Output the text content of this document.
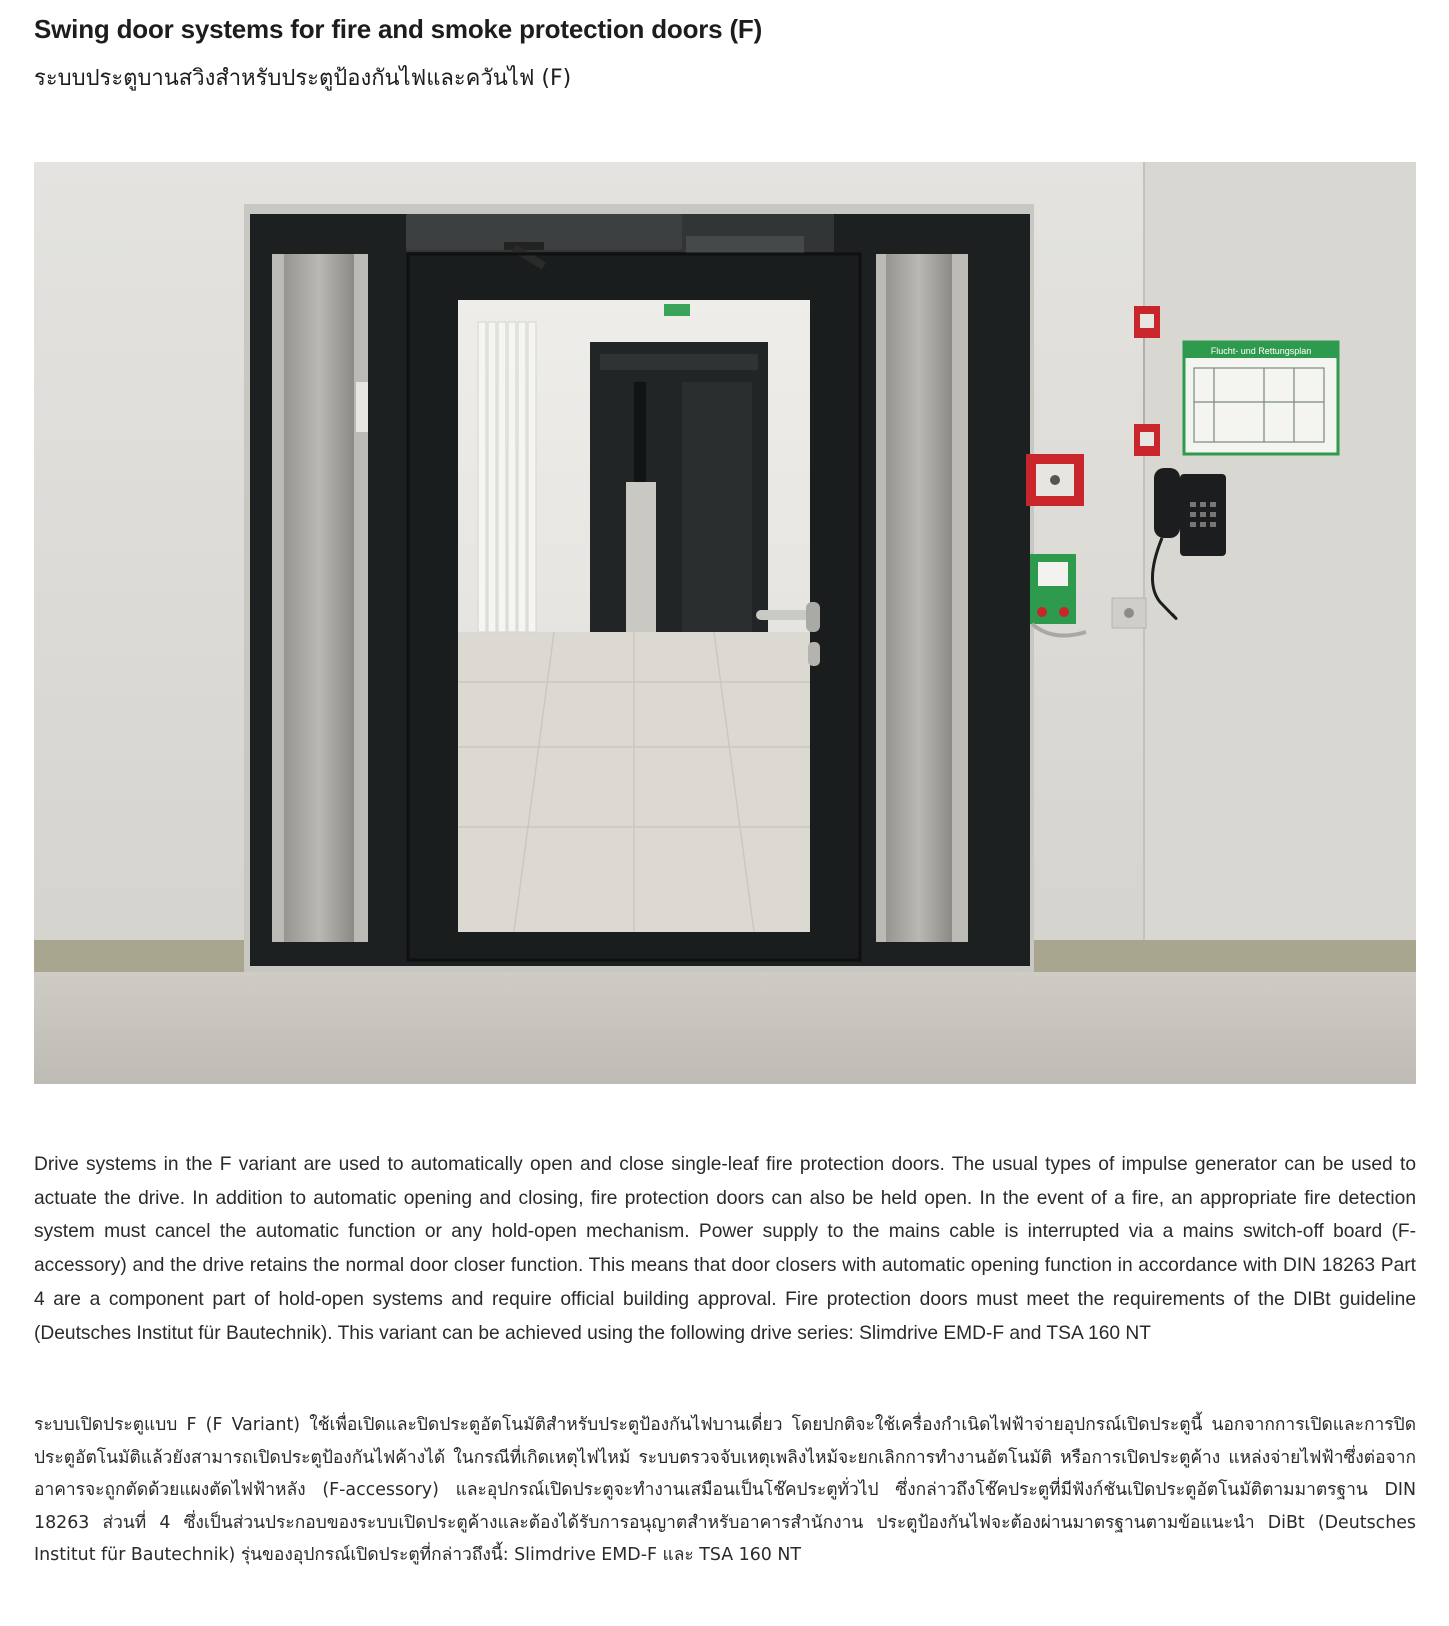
Swing door systems for fire and smoke protection doors (F)
ระบบประตูบานสวิงสำหรับประตูป้องกันไฟและควันไฟ (F)
Flucht- und Rettungsplan

Drive systems in the F variant are used to automatically open and close single-leaf fire protection doors. The usual types of impulse generator can be used to actuate the drive. In addition to automatic opening and closing, fire protection doors can also be held open. In the event of a fire, an appropriate fire detection system must cancel the automatic function or any hold-open mechanism. Power supply to the mains cable is interrupted via a mains switch-off board (F-accessory) and the drive retains the normal door closer function. This means that door closers with automatic opening function in accordance with DIN 18263 Part 4 are a component part of hold-open systems and require official building approval. Fire protection doors must meet the requirements of the DIBt guideline (Deutsches Institut für Bautechnik). This variant can be achieved using the following drive series: Slimdrive EMD-F and TSA 160 NT

ระบบเปิดประตูแบบ F (F Variant) ใช้เพื่อเปิดและปิดประตูอัตโนมัติสำหรับประตูป้องกันไฟบานเดี่ยว โดยปกติจะใช้เครื่องกำเนิดไฟฟ้าจ่ายอุปกรณ์เปิดประตูนี้ นอกจากการเปิดและการปิดประตูอัตโนมัติแล้วยังสามารถเปิดประตูป้องกันไฟค้างได้ ในกรณีที่เกิดเหตุไฟไหม้ ระบบตรวจจับเหตุเพลิงไหม้จะยกเลิกการทำงานอัตโนมัติ หรือการเปิดประตูค้าง แหล่งจ่ายไฟฟ้าซึ่งต่อจากอาคารจะถูกตัดด้วยแผงตัดไฟฟ้าหลัง (F-accessory) และอุปกรณ์เปิดประตูจะทำงานเสมือนเป็นโช๊คประตูทั่วไป ซึ่งกล่าวถึงโช๊คประตูที่มีฟังก์ชันเปิดประตูอัตโนมัติตามมาตรฐาน DIN 18263 ส่วนที่ 4 ซึ่งเป็นส่วนประกอบของระบบเปิดประตูค้างและต้องได้รับการอนุญาตสำหรับอาคารสำนักงาน ประตูป้องกันไฟจะต้องผ่านมาตรฐานตามข้อแนะนำ DiBt (Deutsches Institut für Bautechnik) รุ่นของอุปกรณ์เปิดประตูที่กล่าวถึงนี้: Slimdrive EMD-F และ TSA 160 NT
